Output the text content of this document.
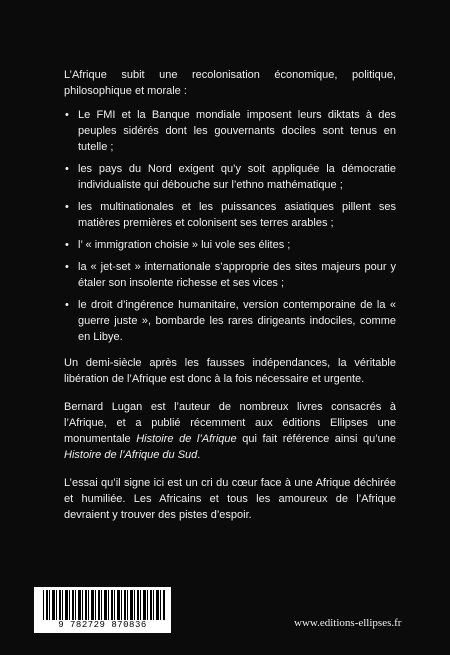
L’Afrique subit une recolonisation économique, politique, philosophique et morale :

• Le FMI et la Banque mondiale imposent leurs diktats à des peuples sidérés dont les gouvernants dociles sont tenus en tutelle ;
• les pays du Nord exigent qu’y soit appliquée la démocratie individualiste qui débouche sur l’ethno mathématique ;
• les multinationales et les puissances asiatiques pillent ses matières premières et colonisent ses terres arables ;
• l’ « immigration choisie » lui vole ses élites ;
• la « jet-set » internationale s’approprie des sites majeurs pour y étaler son insolente richesse et ses vices ;
• le droit d’ingérence humanitaire, version contemporaine de la « guerre juste », bombarde les rares dirigeants indociles, comme en Libye.

Un demi-siècle après les fausses indépendances, la véritable libération de l’Afrique est donc à la fois nécessaire et urgente.

Bernard Lugan est l’auteur de nombreux livres consacrés à l’Afrique, et a publié récemment aux éditions Ellipses une monumentale Histoire de l’Afrique qui fait référence ainsi qu’une Histoire de l’Afrique du Sud.

L’essai qu’il signe ici est un cri du cœur face à une Afrique déchirée et humiliée. Les Africains et tous les amoureux de l’Afrique devraient y trouver des pistes d’espoir.

9 782729 870836	www.editions-ellipses.fr
